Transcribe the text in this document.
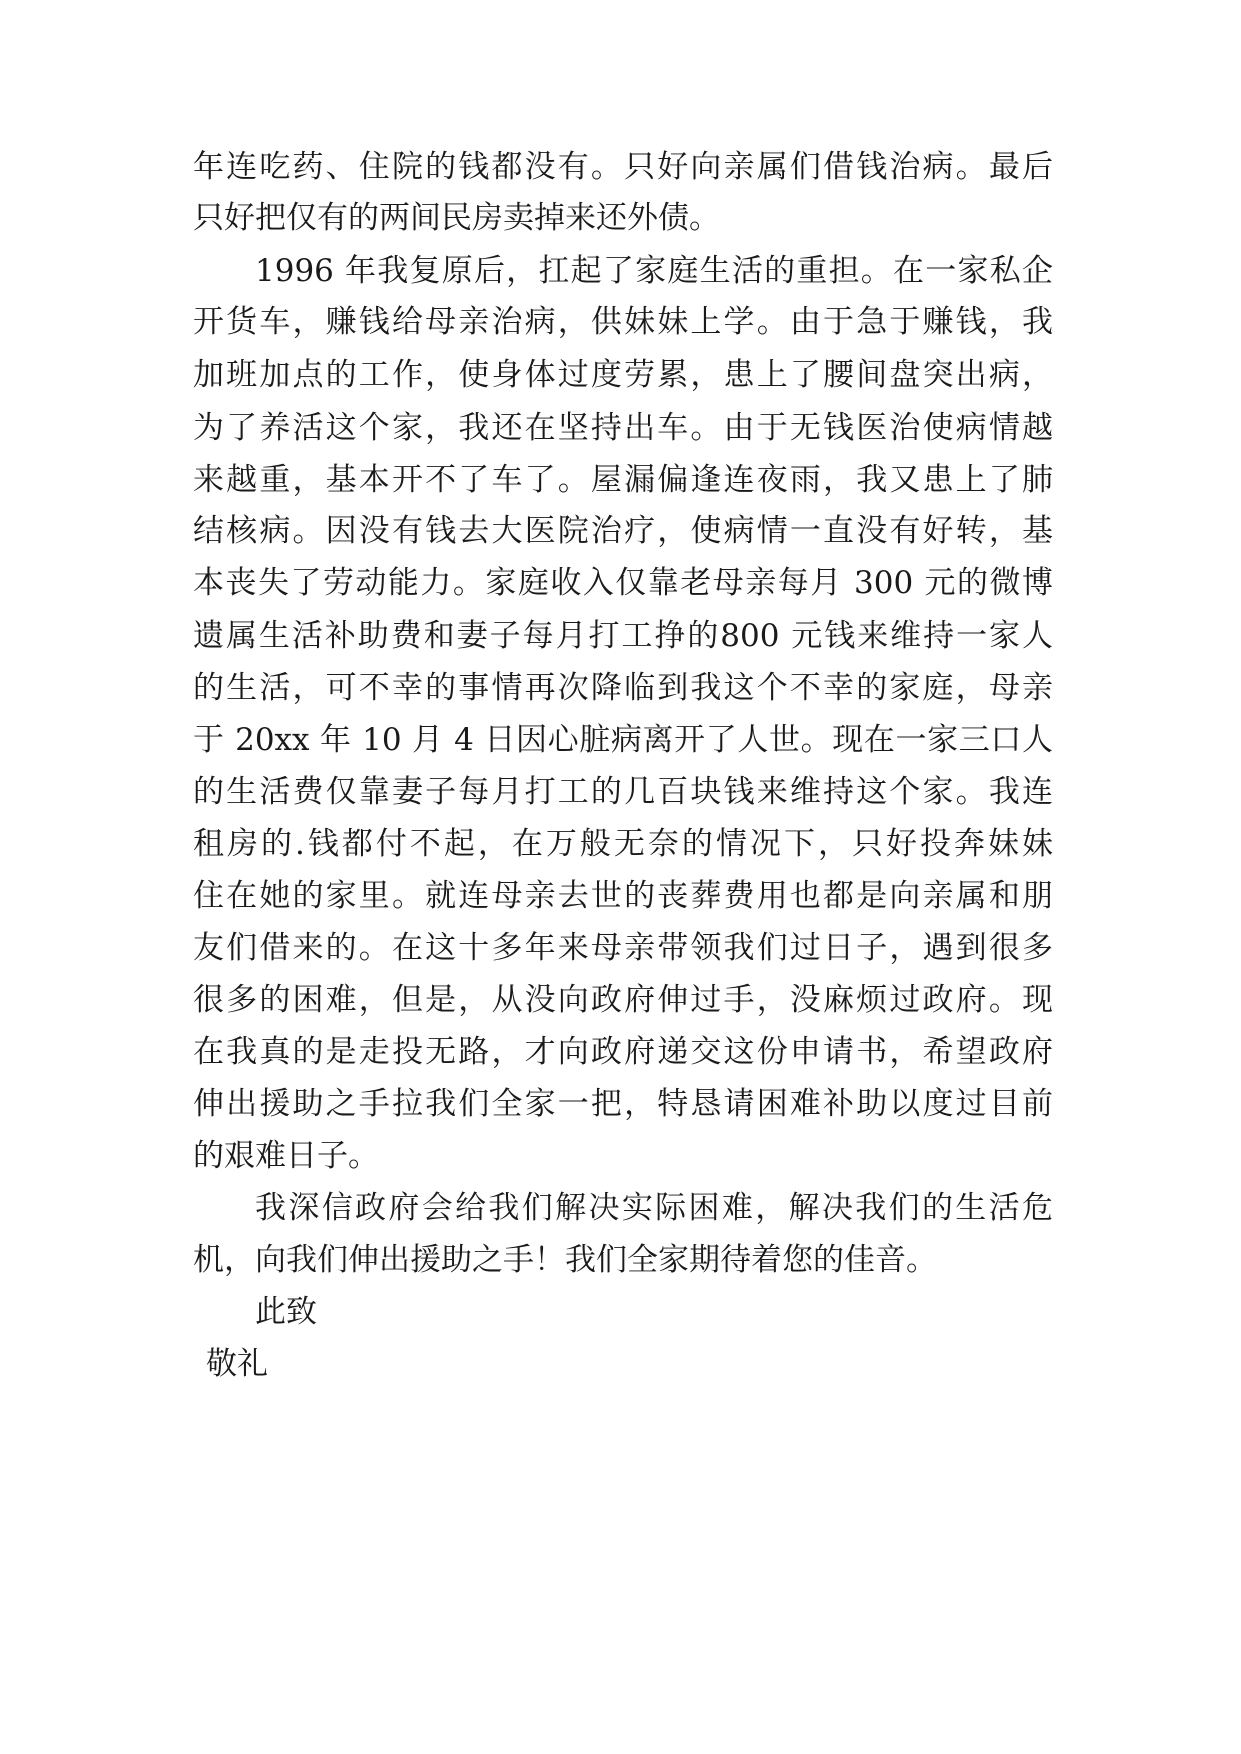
年连吃药、住院的钱都没有。只好向亲属们借钱治病。最后

只好把仅有的两间民房卖掉来还外债。

1996 年我复原后，扛起了家庭生活的重担。在一家私企

开货车，赚钱给母亲治病，供妹妹上学。由于急于赚钱，我

加班加点的工作，使身体过度劳累，患上了腰间盘突出病，

为了养活这个家，我还在坚持出车。由于无钱医治使病情越

来越重，基本开不了车了。屋漏偏逢连夜雨，我又患上了肺

结核病。因没有钱去大医院治疗，使病情一直没有好转，基

本丧失了劳动能力。家庭收入仅靠老母亲每月 300 元的微博

遗属生活补助费和妻子每月打工挣的800 元钱来维持一家人

的生活，可不幸的事情再次降临到我这个不幸的家庭，母亲

于 20xx 年 10 月 4 日因心脏病离开了人世。现在一家三口人

的生活费仅靠妻子每月打工的几百块钱来维持这个家。我连

租房的.钱都付不起，在万般无奈的情况下，只好投奔妹妹

住在她的家里。就连母亲去世的丧葬费用也都是向亲属和朋

友们借来的。在这十多年来母亲带领我们过日子，遇到很多

很多的困难，但是，从没向政府伸过手，没麻烦过政府。现

在我真的是走投无路，才向政府递交这份申请书，希望政府

伸出援助之手拉我们全家一把，特恳请困难补助以度过目前

的艰难日子。

我深信政府会给我们解决实际困难，解决我们的生活危

机，向我们伸出援助之手！我们全家期待着您的佳音。

此致

敬礼
